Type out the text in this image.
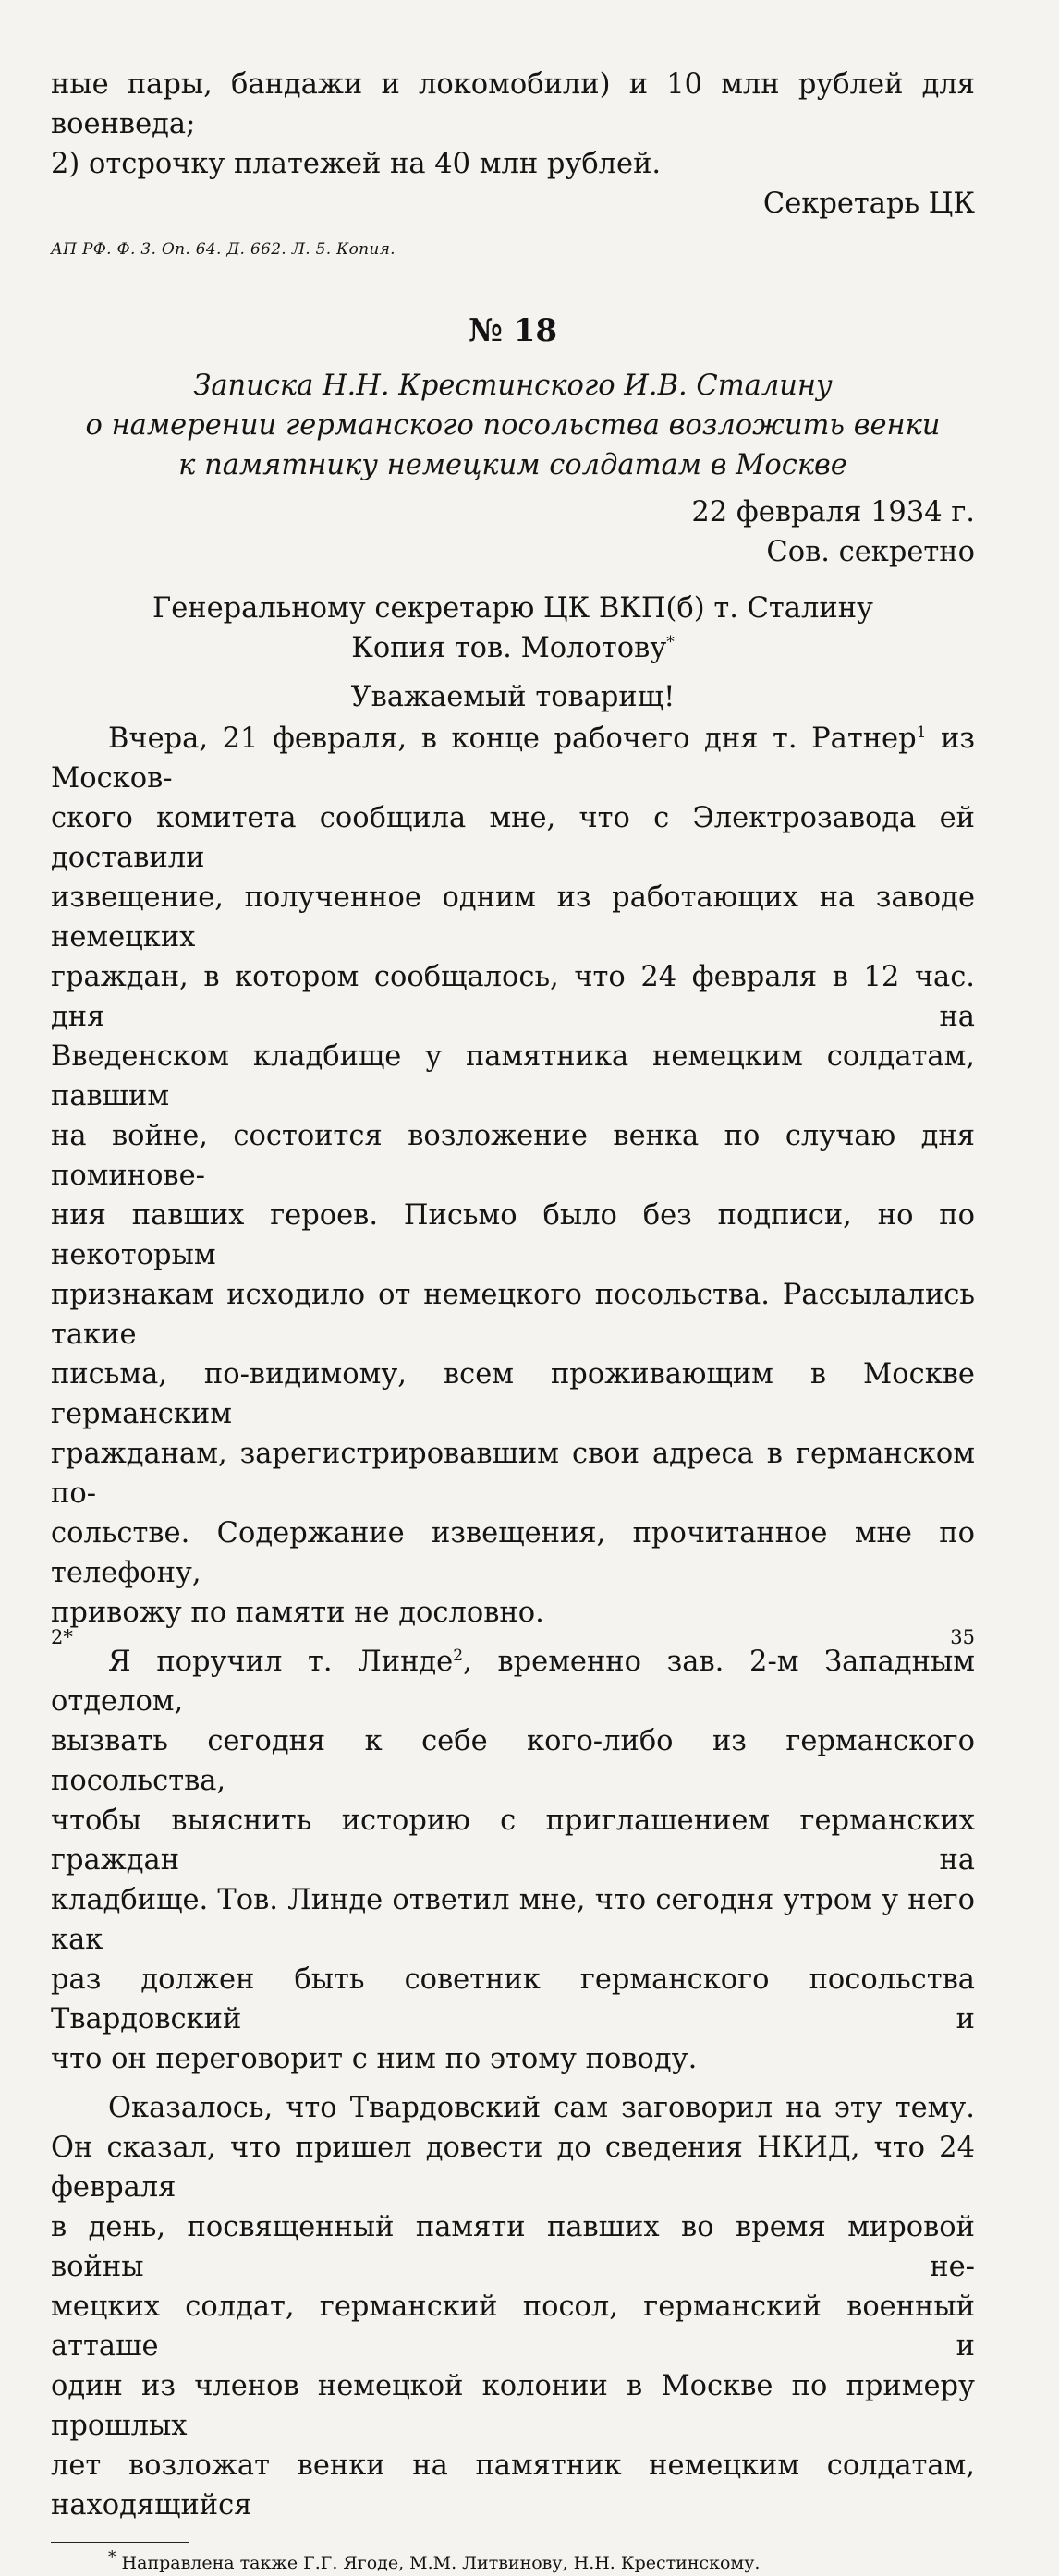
ные пары, бандажи и локомобили) и 10 млн рублей для военведа;

2) отсрочку платежей на 40 млн рублей.

Секретарь ЦК

АП РФ. Ф. 3. Оп. 64. Д. 662. Л. 5. Копия.

№ 18

Записка Н.Н. Крестинского И.В. Сталину

о намерении германского посольства возложить венки

к памятнику немецким солдатам в Москве

22 февраля 1934 г.

Сов. секретно

Генеральному секретарю ЦК ВКП(б) т. Сталину

Копия тов. Молотову*

Уважаемый товарищ!

Вчера, 21 февраля, в конце рабочего дня т. Ратнер$^1$ из Москов-

ского комитета сообщила мне, что с Электрозавода ей доставили

извещение, полученное одним из работающих на заводе немецких

граждан, в котором сообщалось, что 24 февраля в 12 час. дня на

Введенском кладбище у памятника немецким солдатам, павшим

на войне, состоится возложение венка по случаю дня поминове-

ния павших героев. Письмо было без подписи, но по некоторым

признакам исходило от немецкого посольства. Рассылались такие

письма, по-видимому, всем проживающим в Москве германским

гражданам, зарегистрировавшим свои адреса в германском по-

сольстве. Содержание извещения, прочитанное мне по телефону,

привожу по памяти не дословно.

Я поручил т. Линде$^2$, временно зав. 2-м Западным отделом,

вызвать сегодня к себе кого-либо из германского посольства,

чтобы выяснить историю с приглашением германских граждан на

кладбище. Тов. Линде ответил мне, что сегодня утром у него как

раз должен быть советник германского посольства Твардовский и

что он переговорит с ним по этому поводу.

Оказалось, что Твардовский сам заговорил на эту тему.

Он сказал, что пришел довести до сведения НКИД, что 24 февраля

в день, посвященный памяти павших во время мировой войны не-

мецких солдат, германский посол, германский военный атташе и

один из членов немецкой колонии в Москве по примеру прошлых

лет возложат венки на памятник немецким солдатам, находящийся

* Направлена также Г.Г. Ягоде, М.М. Литвинову, Н.Н. Крестинскому.

2*	35
